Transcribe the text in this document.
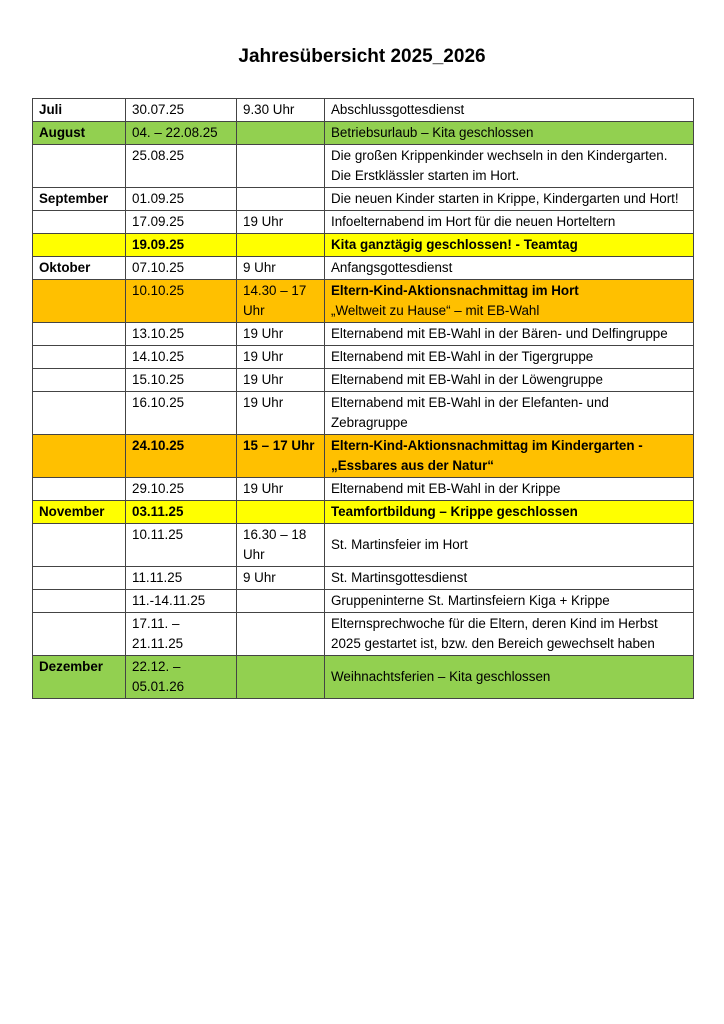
Jahresübersicht 2025_2026
Juli	30.07.25	9.30 Uhr	Abschlussgottesdienst
August	04. – 22.08.25		Betriebsurlaub – Kita geschlossen
	25.08.25		Die großen Krippenkinder wechseln in den Kindergarten. Die Erstklässler starten im Hort.
September	01.09.25		Die neuen Kinder starten in Krippe, Kindergarten und Hort!
	17.09.25	19 Uhr	Infoelternabend im Hort für die neuen Horteltern
	19.09.25		Kita ganztägig geschlossen! - Teamtag
Oktober	07.10.25	9 Uhr	Anfangsgottesdienst
	10.10.25	14.30 – 17 Uhr	Eltern-Kind-Aktionsnachmittag im Hort
„Weltweit zu Hause“ – mit EB-Wahl
	13.10.25	19 Uhr	Elternabend mit EB-Wahl in der Bären- und Delfingruppe
	14.10.25	19 Uhr	Elternabend mit EB-Wahl in der Tigergruppe
	15.10.25	19 Uhr	Elternabend mit EB-Wahl in der Löwengruppe
	16.10.25	19 Uhr	Elternabend mit EB-Wahl in der Elefanten- und Zebragruppe
	24.10.25	15 – 17 Uhr	Eltern-Kind-Aktionsnachmittag im Kindergarten -
„Essbares aus der Natur“
	29.10.25	19 Uhr	Elternabend mit EB-Wahl in der Krippe
November	03.11.25		Teamfortbildung – Krippe geschlossen
	10.11.25	16.30 – 18 Uhr	St. Martinsfeier im Hort
	11.11.25	9 Uhr	St. Martinsgottesdienst
	11.-14.11.25		Gruppeninterne St. Martinsfeiern Kiga + Krippe
	17.11. – 21.11.25		Elternsprechwoche für die Eltern, deren Kind im Herbst 2025 gestartet ist, bzw. den Bereich gewechselt haben
Dezember	22.12. – 05.01.26		Weihnachtsferien – Kita geschlossen
